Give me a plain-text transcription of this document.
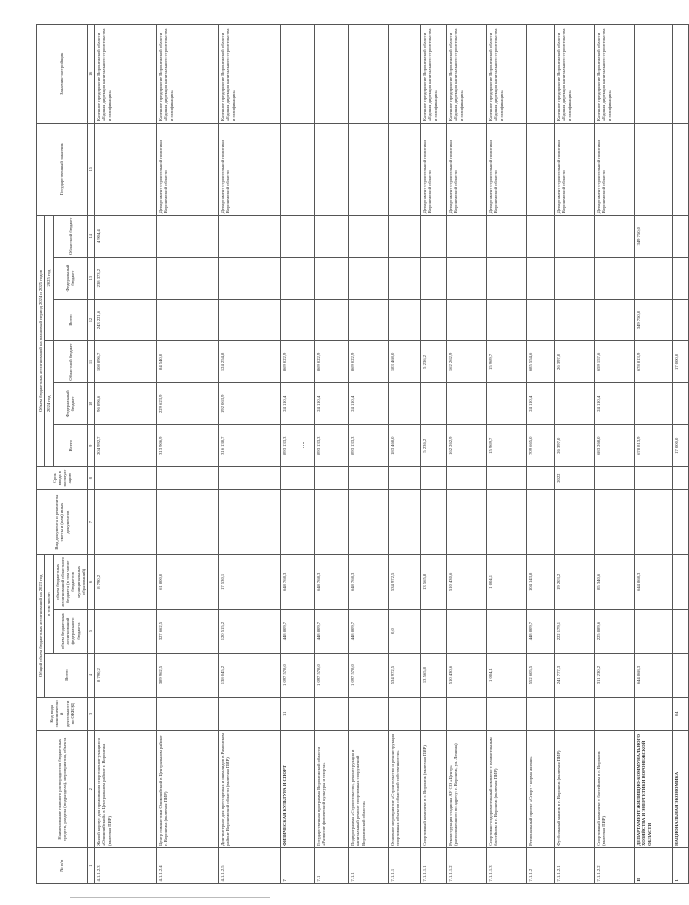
№ п/п	Наименование главного распорядителя бюджетных средств, раздела (подраздела), мероприятия, объекта	Код вида экономической деятельности по ОКВЭД	Общий объем бюджетных ассигнований на 2023 год			Вид документа и реквизиты сметы и (или) иных документов	Срок ввода в эксплуатацию	Объем бюджетных ассигнований на плановый период 2024 и 2025 годов						Государственный заказчик	Заказчик-застройщик
			Всего	в том числе:				2024 год			2025 год				
				объем бюджетных ассигнований федерального бюджета	объем бюджетных ассигнований областного бюджета (в том числе бюджетов муниципальных образований)			Всего	Федеральный бюджет	Областной бюджет	Всего	Федеральный бюджет	Областной бюджет		
1	2	3	4	5	6	7	8	9	10	11	12	13	14	15	16
4.1.1.2.3	Жилой корпус для проживания спортсменов-учащихся «Олимпийский» в Центральном районе г. Воронежа (включая ПИР)		8 790,2		8 790,2			204 992,7	96 096,6	108 896,7	243 221,6	238 373,2	4 904,4		Казенное предприятие Воронежской области «Единая дирекция капитального строительства и газификации»
4.1.1.2.4	Центр гимнастики Олимпийский в Центральном районе г. Воронежа (включая ПИР)		389 962,5	327 662,5	61 800,0			313 906,9	229 623,9	84 540,0				Департамент строительной политики Воронежской области	Казенное предприятие Воронежской области «Единая дирекция капитального строительства и газификации»
4.1.1.2.5	Дом-интернат для престарелых и инвалидов в Рамонском районе Воронежской области (включая ПИР)		138 045,2	120 515,2	17 530,1			316 138,7	192 063,9	124 254,8				Департамент строительной политики Воронежской области	Казенное предприятие Воронежской области «Единая дирекция капитального строительства и газификации»
7	ФИЗИЧЕСКАЯ КУЛЬТУРА И СПОРТ	11	1 097 578,0	448 809,7	648 768,3			893 133,3	24 110,4	869 022,9					
7.1	Государственная программа Воронежской области «Развитие физической культуры и спорта»		1 097 578,0	448 809,7	648 768,3			893 133,3	24 110,4	869 022,9					
7.1.1	Подпрограмма «Строительство, реконструкция и капитальный ремонт спортивных сооружений Воронежской области»		1 097 578,0	448 809,7	648 768,3			893 133,3	24 110,4	869 022,9					
7.1.1.1	Основное мероприятие «Строительство и реконструкция спортивных объектов областной собственности»		534 972,5	0,0	534 972,5			183 468,0		183 468,0					
7.1.1.1.1	Спортивный комплекс в г. Воронеж (включая ПИР)		13 565,8		13 565,8			5 236,2		5 236,2				Департамент строительной политики Воронежской области	Казенное предприятие Воронежской области «Единая дирекция капитального строительства и газификации»
7.1.1.1.2	Реконструкция стадиона АУ СО «Центр» (расположенного по адресу: г. Воронеж, ул. Ленина)		510 430,6		510 430,6			162 262,9		162 262,9				Департамент строительной политики Воронежской области	Казенное предприятие Воронежской области «Единая дирекция капитального строительства и газификации»
7.1.1.1.3	Спортивно-оздоровительный комплекс с плавательным бассейном в г. Воронеж (включая ПИР)		1 004,1		1 004,1			15 969,7		15 969,7				Департамент строительной политики Воронежской области	Казенное предприятие Воронежской области «Единая дирекция капитального строительства и газификации»
7.1.1.2	Региональный проект «Спорт - норма жизни»		552 605,5	448 809,7	104 143,8			709 665,0	24 110,4	685 554,6					
7.1.1.2.1	Футбольный манеж в г. Воронеж (включая ПИР)		241 777,3	222 179,1	19 203,2		2022	26 397,0		26 397,0				Департамент строительной политики Воронежской области	Казенное предприятие Воронежской области «Единая дирекция капитального строительства и газификации»
7.1.1.2.2	Спортивный комплекс с бассейном в г. Воронеж (включая ПИР)		311 230,2	225 889,6	85 340,6			683 268,0	24 110,4	659 157,6				Департамент строительной политики Воронежской области	Казенное предприятие Воронежской области «Единая дирекция капитального строительства и газификации»
II	ДЕПАРТАМЕНТ ЖИЛИЩНО-КОММУНАЛЬНОГО ХОЗЯЙСТВА И ЭНЕРГЕТИКИ ВОРОНЕЖСКОЙ ОБЛАСТИ		644 868,3		644 868,3			678 813,9		678 813,9	349 750,0		349 750,0		
1	НАЦИОНАЛЬНАЯ ЭКОНОМИКА	04						17 000,0		17 000,0					
